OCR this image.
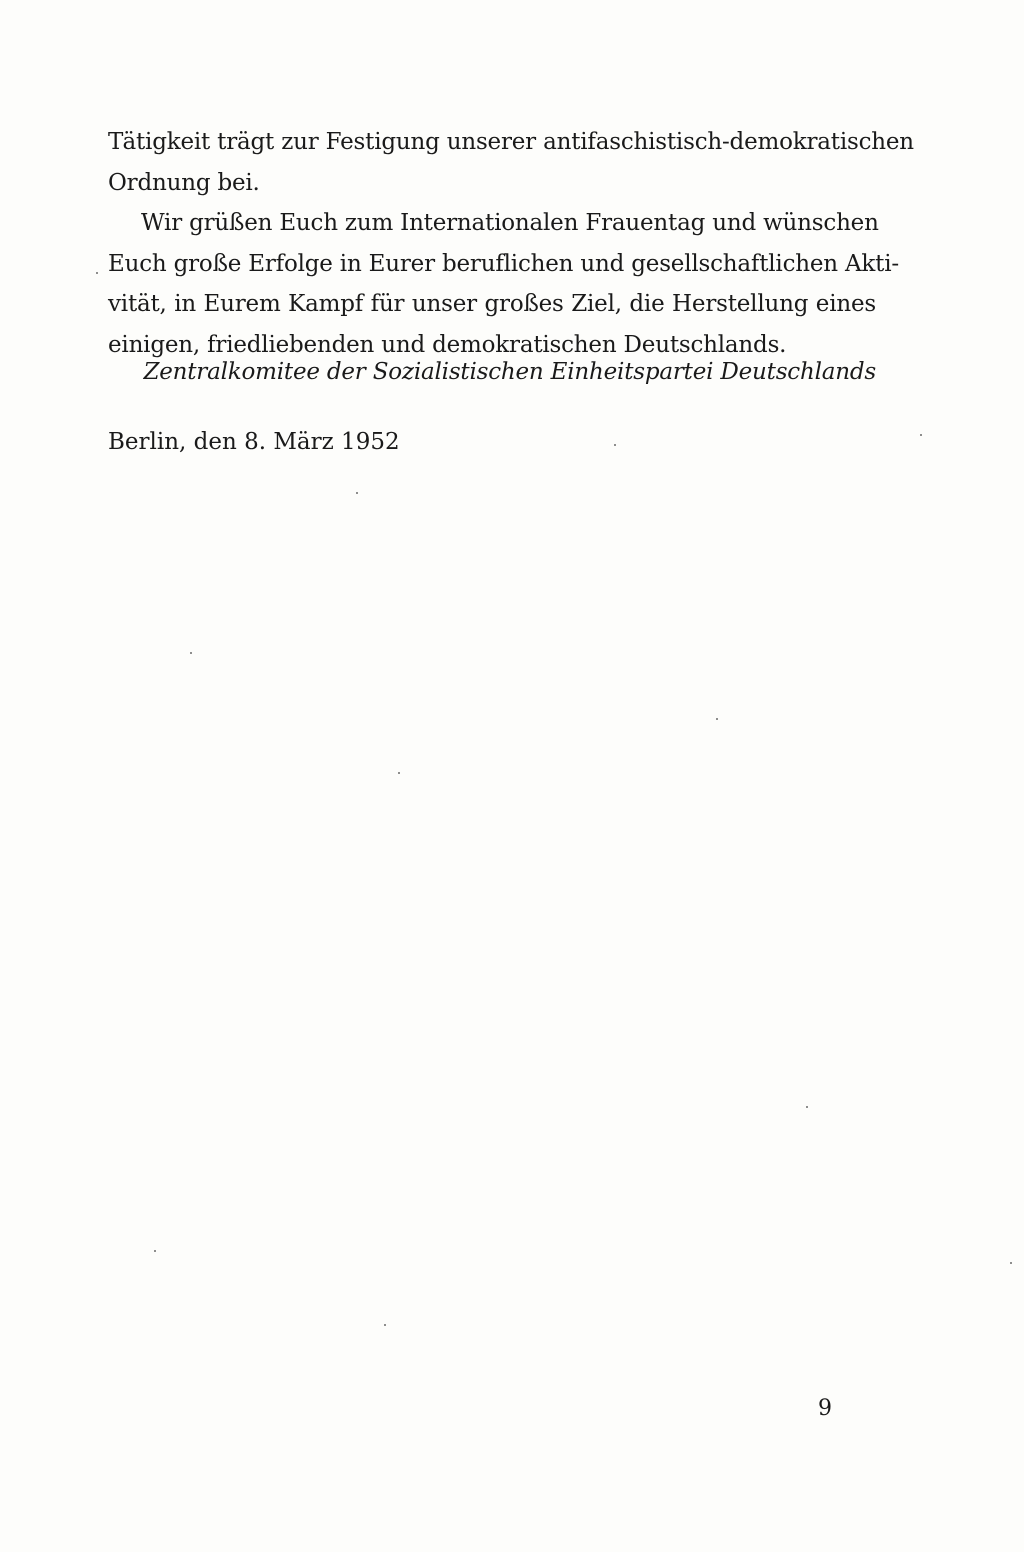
Tätigkeit trägt zur Festigung unserer antifaschistisch-demokratischen
Ordnung bei.
Wir grüßen Euch zum Internationalen Frauentag und wünschen
Euch große Erfolge in Eurer beruflichen und gesellschaftlichen Akti-
vität, in Eurem Kampf für unser großes Ziel, die Herstellung eines
einigen, friedliebenden und demokratischen Deutschlands.
Zentralkomitee der Sozialistischen Einheitspartei Deutschlands
Berlin, den 8. März 1952
9
